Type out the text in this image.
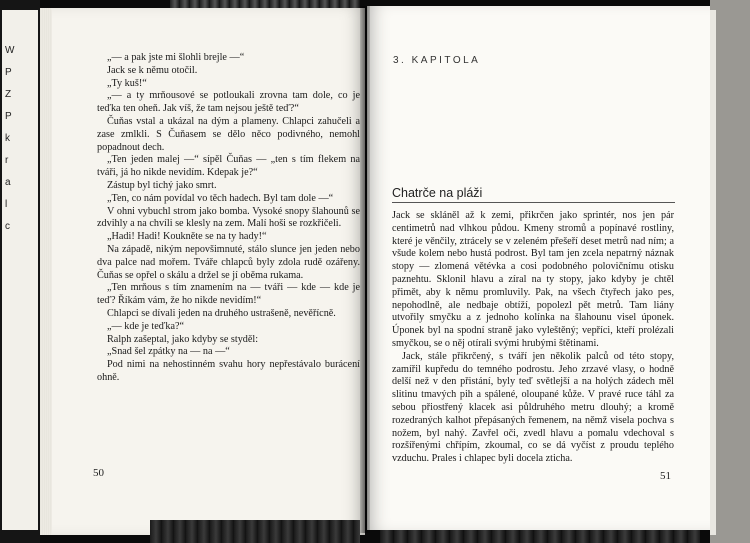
W
P
Z
P
k
r
a
l
c

„— a pak jste mi šlohli brejle —“

Jack se k němu otočil.

„Ty kuš!“

„— a ty mrňousové se potloukali zrovna tam dole, co je teďka ten oheň. Jak víš, že tam nejsou ještě teď?“

Čuňas vstal a ukázal na dým a plameny. Chlapci zahučeli a zase zmlkli. S Čuňasem se dělo něco podivného, nemohl popadnout dech.

„Ten jeden malej —“ sípěl Čuňas — „ten s tím flekem na tváři, já ho nikde nevidím. Kdepak je?“

Zástup byl tichý jako smrt.

„Ten, co nám povídal vo těch hadech. Byl tam dole —“

V ohni vybuchl strom jako bomba. Vysoké snopy šlahounů se zdvihly a na chvíli se klesly na zem. Malí hoši se rozkřičeli.

„Hadi! Hadi! Koukněte se na ty hady!“

Na západě, nikým nepovšimnuté, stálo slunce jen jeden nebo dva palce nad mořem. Tváře chlapců byly zdola rudě ozářeny. Čuňas se opřel o skálu a držel se jí oběma rukama.

„Ten mrňous s tím znamením na — tváři — kde — kde je teď? Říkám vám, že ho nikde nevidím!“

Chlapci se dívali jeden na druhého ustrašeně, nevěřícně.

„— kde je teďka?“

Ralph zašeptal, jako kdyby se styděl:

„Snad šel zpátky na — na —“

Pod nimi na nehostinném svahu hory nepřestávalo burácení ohně.

50
3. KAPITOLA
Chatrče na pláži

Jack se skláněl až k zemi, přikrčen jako sprintér, nos jen pár centimetrů nad vlhkou půdou. Kmeny stromů a popínavé rostliny, které je věnčily, ztrácely se v zeleném přešeří deset metrů nad ním; a všude kolem nebo hustá podrost. Byl tam jen zcela nepatrný náznak stopy — zlomená větévka a cosi podobného polovičnímu otisku paznehtu. Sklonil hlavu a zíral na ty stopy, jako kdyby je chtěl přimět, aby k němu promluvily. Pak, na všech čtyřech jako pes, nepohodlně, ale nedbaje obtíží, popolezl pět metrů. Tam liány utvořily smyčku a z jednoho kolínka na šlahounu visel úponek. Úponek byl na spodní straně jako vyleštěný; vepříci, kteří prolézali smyčkou, se o něj otírali svými hrubými štětinami.

Jack, stále přikrčený, s tváří jen několik palců od této stopy, zamířil kupředu do temného podrostu. Jeho zrzavé vlasy, o hodně delší než v den přistání, byly teď světlejší a na holých zádech měl slitinu tmavých pih a spálené, oloupané kůže. V pravé ruce táhl za sebou přiostřený klacek asi půldruhého metru dlouhý; a kromě rozedraných kalhot přepásaných řemenem, na němž visela pochva s nožem, byl nahý. Zavřel oči, zvedl hlavu a pomalu vdechoval s rozšířenými chřípím, zkoumal, co se dá vyčíst z proudu teplého vzduchu. Prales i chlapec byli docela zticha.

51
